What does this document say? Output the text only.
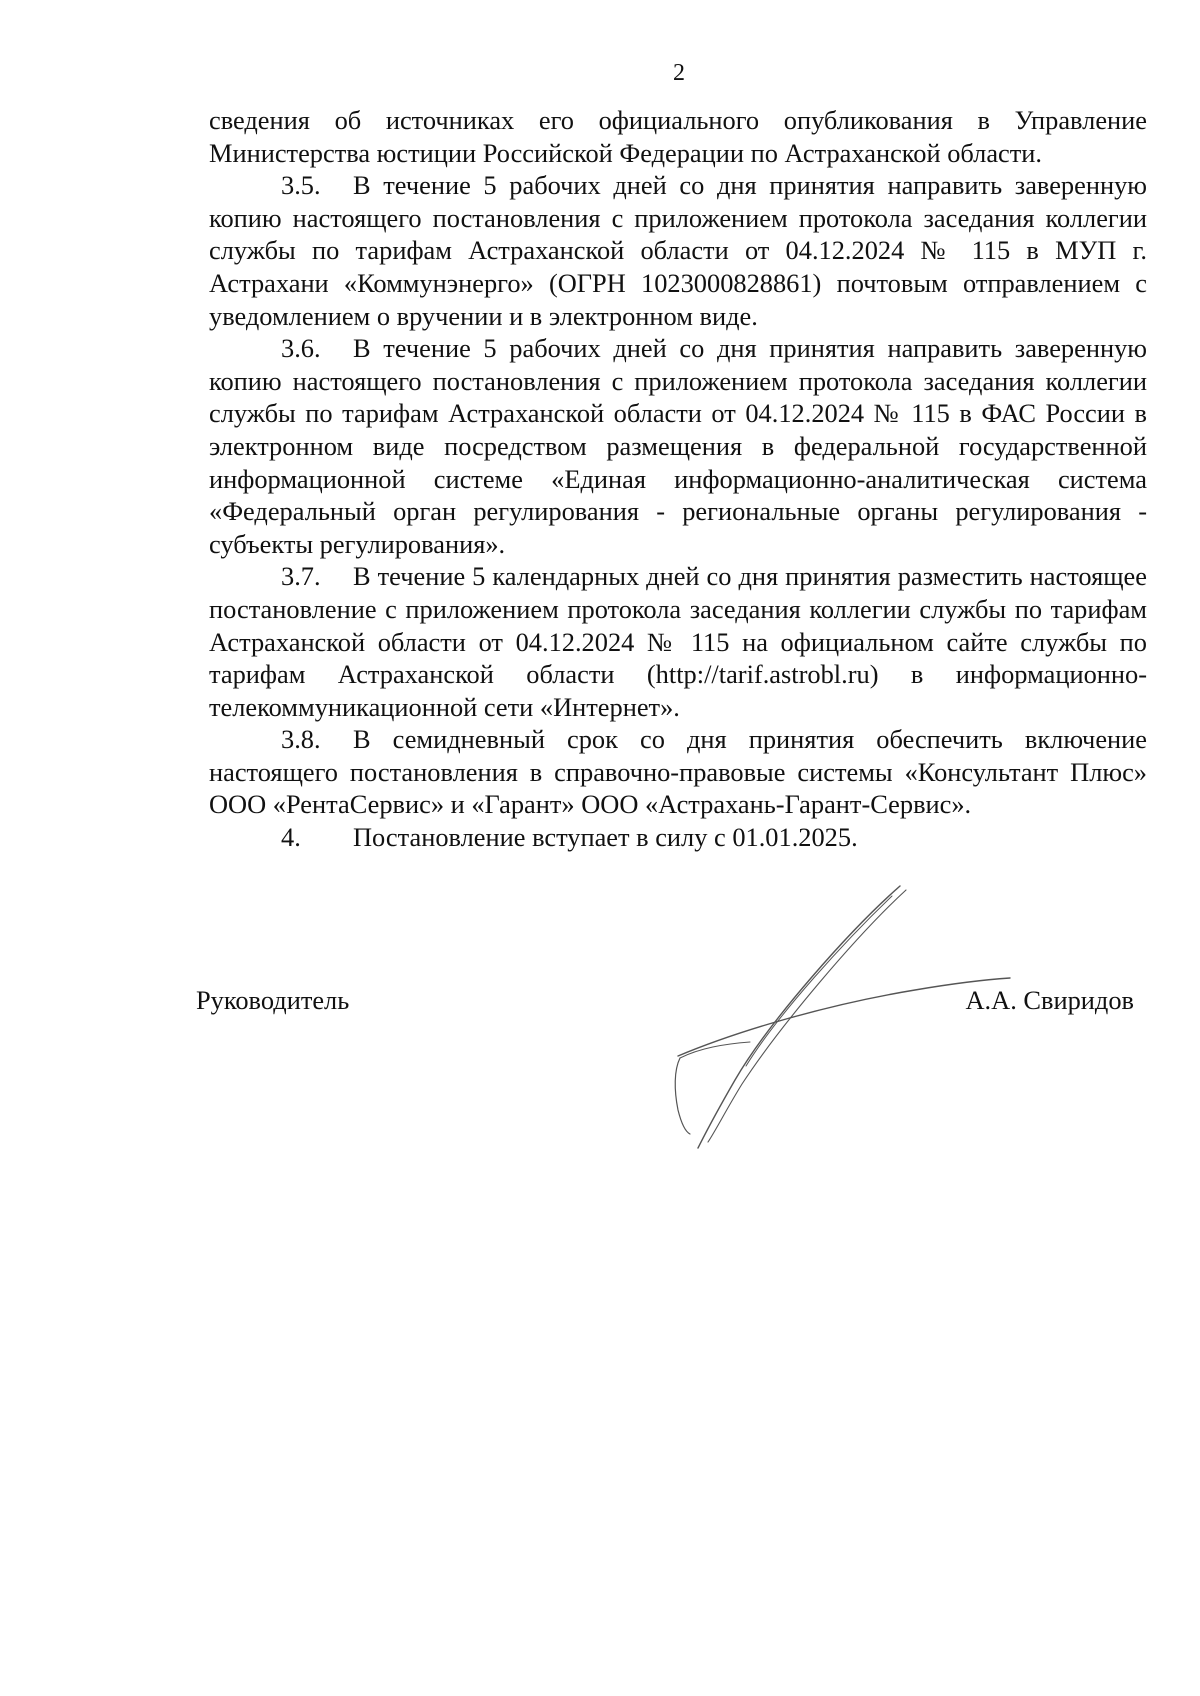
2

сведения об источниках его официального опубликования в Управление Министерства юстиции Российской Федерации по Астраханской области.

3.5. В течение 5 рабочих дней со дня принятия направить заверенную копию настоящего постановления с приложением протокола заседания коллегии службы по тарифам Астраханской области от 04.12.2024 № 115 в МУП г. Астрахани «Коммунэнерго» (ОГРН 1023000828861) почтовым отправлением с уведомлением о вручении и в электронном виде.

3.6. В течение 5 рабочих дней со дня принятия направить заверенную копию настоящего постановления с приложением протокола заседания коллегии службы по тарифам Астраханской области от 04.12.2024 № 115 в ФАС России в электронном виде посредством размещения в федеральной государственной информационной системе «Единая информационно-аналитическая система «Федеральный орган регулирования - региональные органы регулирования - субъекты регулирования».

3.7. В течение 5 календарных дней со дня принятия разместить настоящее постановление с приложением протокола заседания коллегии службы по тарифам Астраханской области от 04.12.2024 № 115 на официальном сайте службы по тарифам Астраханской области (http://tarif.astrobl.ru) в информационно-телекоммуникационной сети «Интернет».

3.8. В семидневный срок со дня принятия обеспечить включение настоящего постановления в справочно-правовые системы «Консультант Плюс» ООО «РентаСервис» и «Гарант» ООО «Астрахань-Гарант-Сервис».

4. Постановление вступает в силу с 01.01.2025.

Руководитель	А.А. Свиридов
